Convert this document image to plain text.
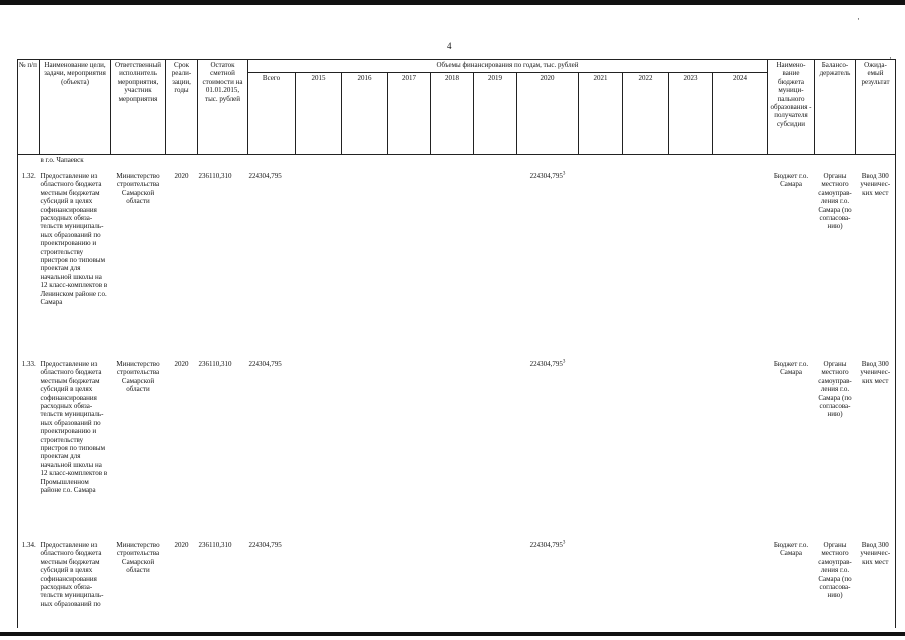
4
·
·
№ п/п	Наименование цели, задачи, мероприятия (объекта)	Ответственный исполнитель мероприятия, участник мероприятия	Срок реали- зации, годы	Остаток сметной стоимости на 01.01.2015, тыс. рублей	Объемы финансирования по годам, тыс. рублей											Наимено- вание бюджета муници- пального образования - получателя субсидии	Балансо- держатель	Ожида- емый результат
					Всего	2015	2016	2017	2018	2019	2020	2021	2022	2023	2024			
	в г.о. Чапаевск																	

1.32.	Предоставление из областного бюджета местным бюджетам субсидий в целях софинансирования расходных обяза- тельств муниципаль- ных образований по проектированию и строительству пристроя по типовым проектам для начальной школы на 12 класс-комплектов в Ленинском районе г.о. Самара	Министерство строительства Самарской области	2020	236110,310	224304,795						224304,795$^3$					Бюджет г.о. Самара	Органы местного самоуправ- ления г.о. Самара (по согласова- нию)	Ввод 300 ученичес- ких мест
1.33.	Предоставление из областного бюджета местным бюджетам субсидий в целях софинансирования расходных обяза- тельств муниципаль- ных образований по проектированию и строительству пристроя по типовым проектам для начальной школы на 12 класс-комплектов в Промышленном районе г.о. Самара	Министерство строительства Самарской области	2020	236110,310	224304,795						224304,795$^3$					Бюджет г.о. Самара	Органы местного самоуправ- ления г.о. Самара (по согласова- нию)	Ввод 300 ученичес- ких мест
1.34.	Предоставление из областного бюджета местным бюджетам субсидий в целях софинансирования расходных обяза- тельств муниципаль- ных образований по	Министерство строительства Самарской области	2020	236110,310	224304,795						224304,795$^3$					Бюджет г.о. Самара	Органы местного самоуправ- ления г.о. Самара (по согласова- нию)	Ввод 300 ученичес- ких мест
